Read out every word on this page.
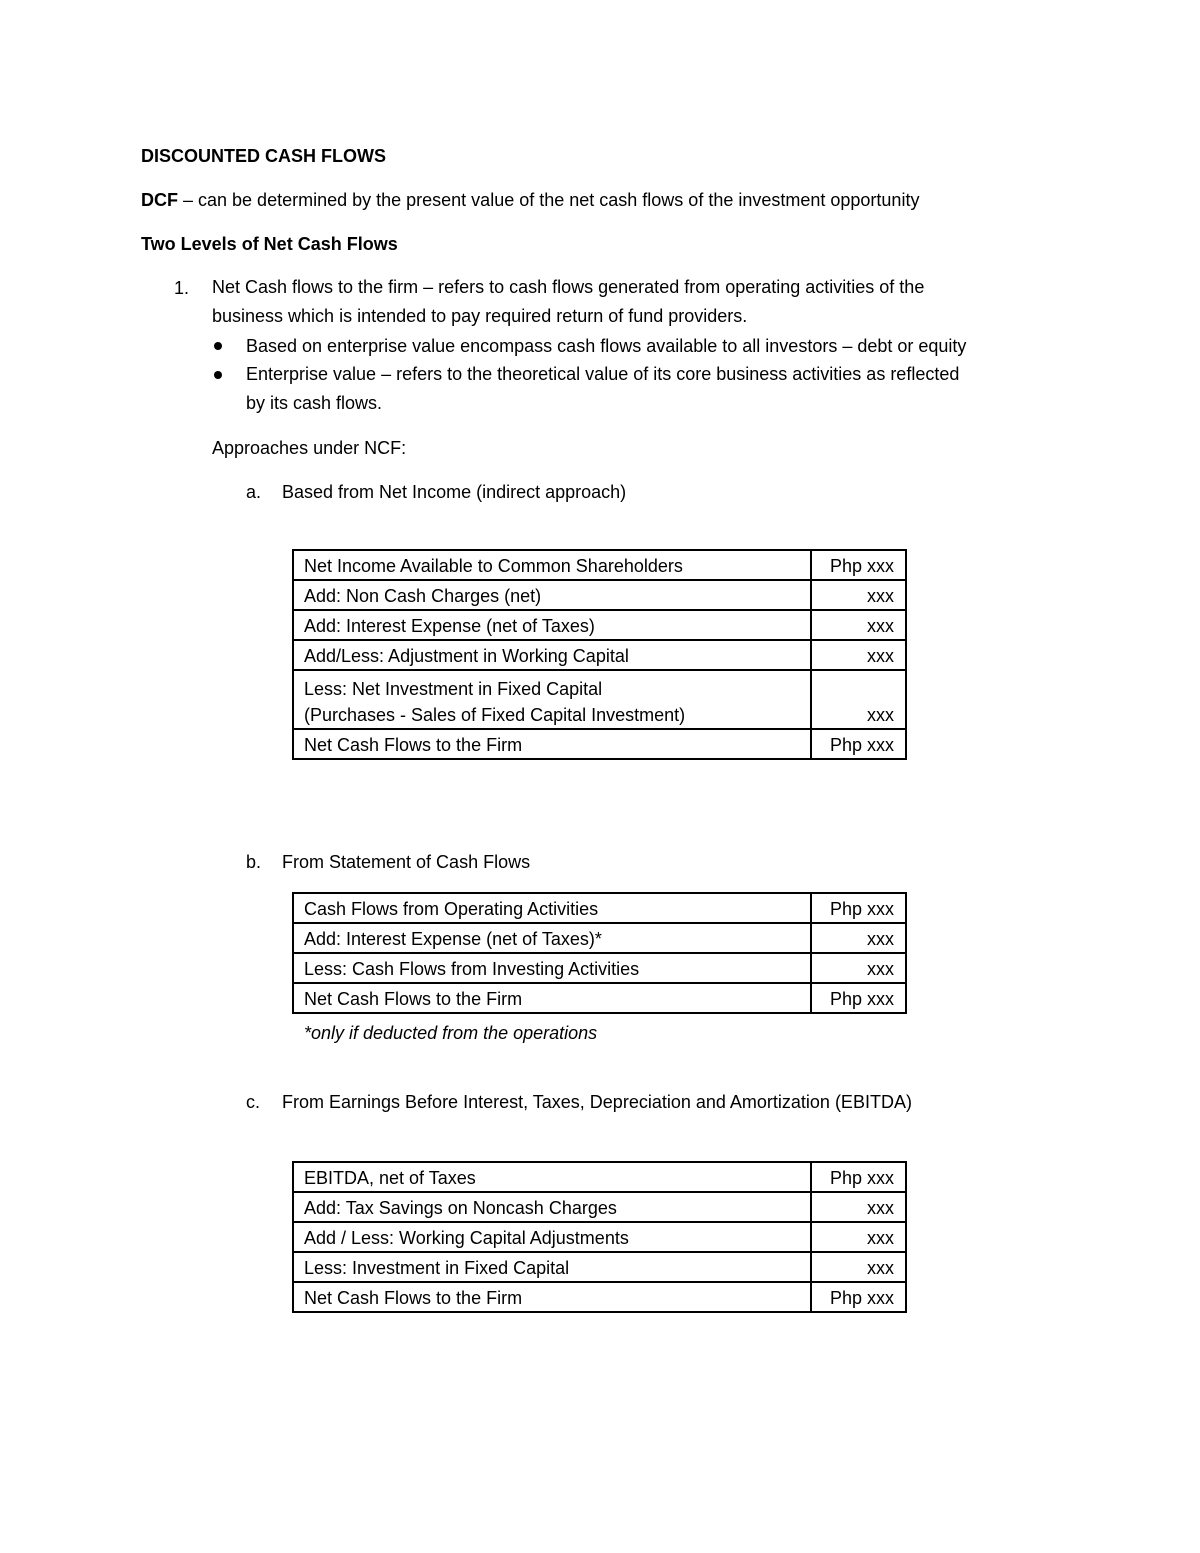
DISCOUNTED CASH FLOWS
DCF – can be determined by the present value of the net cash flows of the investment opportunity
Two Levels of Net Cash Flows
1. Net Cash flows to the firm – refers to cash flows generated from operating activities of the
business which is intended to pay required return of fund providers.
Based on enterprise value encompass cash flows available to all investors – debt or equity
Enterprise value – refers to the theoretical value of its core business activities as reflected
by its cash flows.
Approaches under NCF:
a. Based from Net Income (indirect approach)
Net Income Available to Common Shareholders	Php xxx
Add: Non Cash Charges (net)	xxx
Add: Interest Expense (net of Taxes)	xxx
Add/Less: Adjustment in Working Capital	xxx

Less: Net Investment in Fixed Capital
(Purchases - Sales of Fixed Capital Investment)	xxx
Net Cash Flows to the Firm	Php xxx
b. From Statement of Cash Flows
Cash Flows from Operating Activities	Php xxx
Add: Interest Expense (net of Taxes)*	xxx
Less: Cash Flows from Investing Activities	xxx
Net Cash Flows to the Firm	Php xxx
*only if deducted from the operations
c. From Earnings Before Interest, Taxes, Depreciation and Amortization (EBITDA)
EBITDA, net of Taxes	Php xxx
Add: Tax Savings on Noncash Charges	xxx
Add / Less: Working Capital Adjustments	xxx
Less: Investment in Fixed Capital	xxx
Net Cash Flows to the Firm	Php xxx
